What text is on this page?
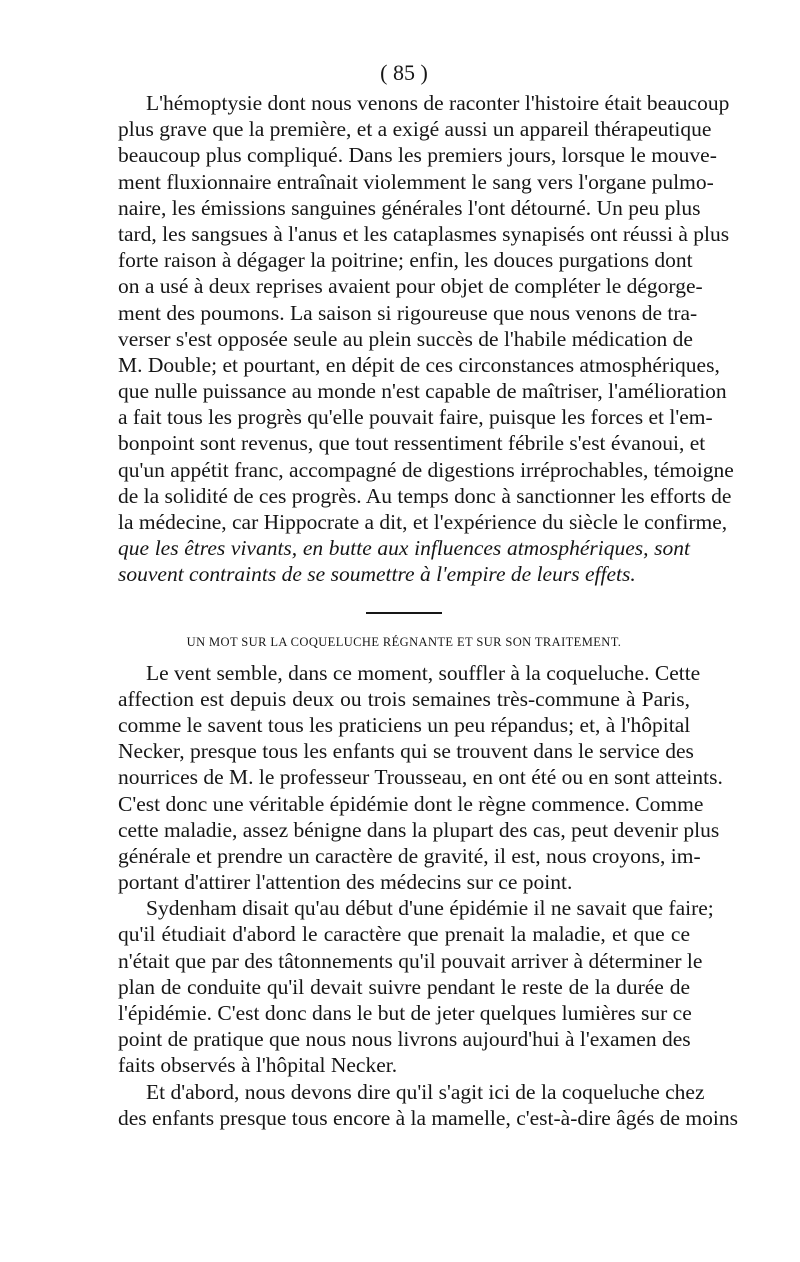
( 85 )
L'hémoptysie dont nous venons de raconter l'histoire était beaucoup
plus grave que la première, et a exigé aussi un appareil thérapeutique
beaucoup plus compliqué. Dans les premiers jours, lorsque le mouve-
ment fluxionnaire entraînait violemment le sang vers l'organe pulmo-
naire, les émissions sanguines générales l'ont détourné. Un peu plus
tard, les sangsues à l'anus et les cataplasmes synapisés ont réussi à plus
forte raison à dégager la poitrine; enfin, les douces purgations dont
on a usé à deux reprises avaient pour objet de compléter le dégorge-
ment des poumons. La saison si rigoureuse que nous venons de tra-
verser s'est opposée seule au plein succès de l'habile médication de
M. Double; et pourtant, en dépit de ces circonstances atmosphériques,
que nulle puissance au monde n'est capable de maîtriser, l'amélioration
a fait tous les progrès qu'elle pouvait faire, puisque les forces et l'em-
bonpoint sont revenus, que tout ressentiment fébrile s'est évanoui, et
qu'un appétit franc, accompagné de digestions irréprochables, témoigne
de la solidité de ces progrès. Au temps donc à sanctionner les efforts de
la médecine, car Hippocrate a dit, et l'expérience du siècle le confirme,
que les êtres vivants, en butte aux influences atmosphériques, sont
souvent contraints de se soumettre à l'empire de leurs effets.
UN MOT SUR LA COQUELUCHE RÉGNANTE ET SUR SON TRAITEMENT.
Le vent semble, dans ce moment, souffler à la coqueluche. Cette
affection est depuis deux ou trois semaines très-commune à Paris,
comme le savent tous les praticiens un peu répandus; et, à l'hôpital
Necker, presque tous les enfants qui se trouvent dans le service des
nourrices de M. le professeur Trousseau, en ont été ou en sont atteints.
C'est donc une véritable épidémie dont le règne commence. Comme
cette maladie, assez bénigne dans la plupart des cas, peut devenir plus
générale et prendre un caractère de gravité, il est, nous croyons, im-
portant d'attirer l'attention des médecins sur ce point.
Sydenham disait qu'au début d'une épidémie il ne savait que faire;
qu'il étudiait d'abord le caractère que prenait la maladie, et que ce
n'était que par des tâtonnements qu'il pouvait arriver à déterminer le
plan de conduite qu'il devait suivre pendant le reste de la durée de
l'épidémie. C'est donc dans le but de jeter quelques lumières sur ce
point de pratique que nous nous livrons aujourd'hui à l'examen des
faits observés à l'hôpital Necker.
Et d'abord, nous devons dire qu'il s'agit ici de la coqueluche chez
des enfants presque tous encore à la mamelle, c'est-à-dire âgés de moins
